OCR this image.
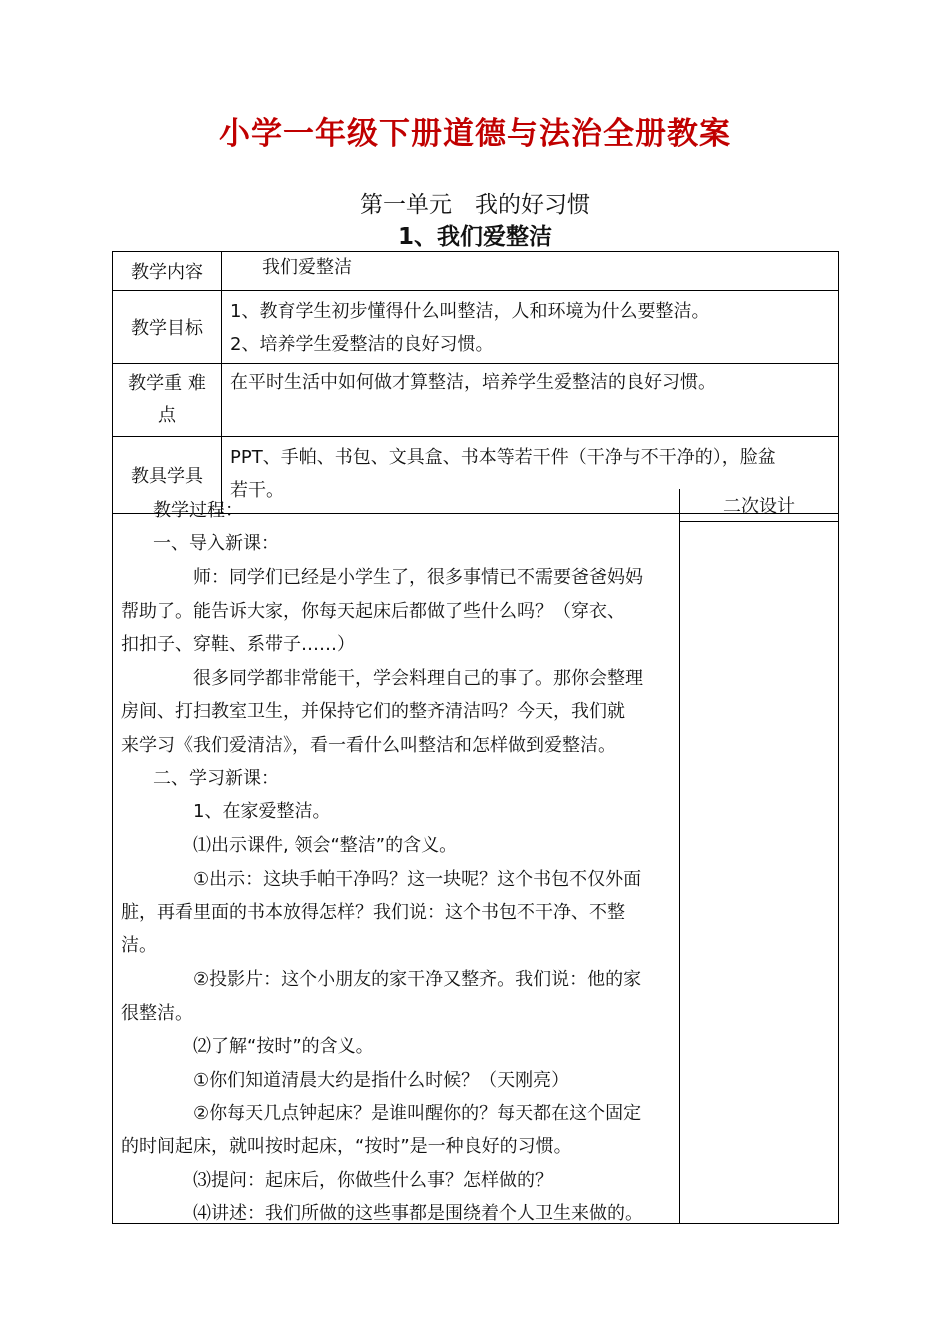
小学一年级下册道德与法治全册教案
第一单元　我的好习惯
1、我们爱整洁
教学内容	我们爱整洁
教学目标	1、教育学生初步懂得什么叫整洁，人和环境为什么要整洁。
2、培养学生爱整洁的良好习惯。

教学重 难
点	在平时生活中如何做才算整洁，培养学生爱整洁的良好习惯。
教具学具	PPT、手帕、书包、文具盒、书本等若干件（干净与不干净的），脸盆
若干。
教学过程：
一、导入新课：
师：同学们已经是小学生了，很多事情已不需要爸爸妈妈
帮助了。能告诉大家，你每天起床后都做了些什么吗？（穿衣、
扣扣子、穿鞋、系带子……）
很多同学都非常能干，学会料理自己的事了。那你会整理
房间、打扫教室卫生，并保持它们的整齐清洁吗？今天，我们就
来学习《我们爱清洁》，看一看什么叫整洁和怎样做到爱整洁。
二、学习新课：
1、在家爱整洁。
⑴出示课件, 领会“整洁”的含义。
①出示：这块手帕干净吗？这一块呢？这个书包不仅外面
脏，再看里面的书本放得怎样？我们说：这个书包不干净、不整
洁。
②投影片：这个小朋友的家干净又整齐。我们说：他的家
很整洁。
⑵了解“按时”的含义。
①你们知道清晨大约是指什么时候？（天刚亮）
②你每天几点钟起床？是谁叫醒你的？每天都在这个固定
的时间起床，就叫按时起床，“按时”是一种良好的习惯。
⑶提问：起床后，你做些什么事？怎样做的？
⑷讲述：我们所做的这些事都是围绕着个人卫生来做的。
二次设计
